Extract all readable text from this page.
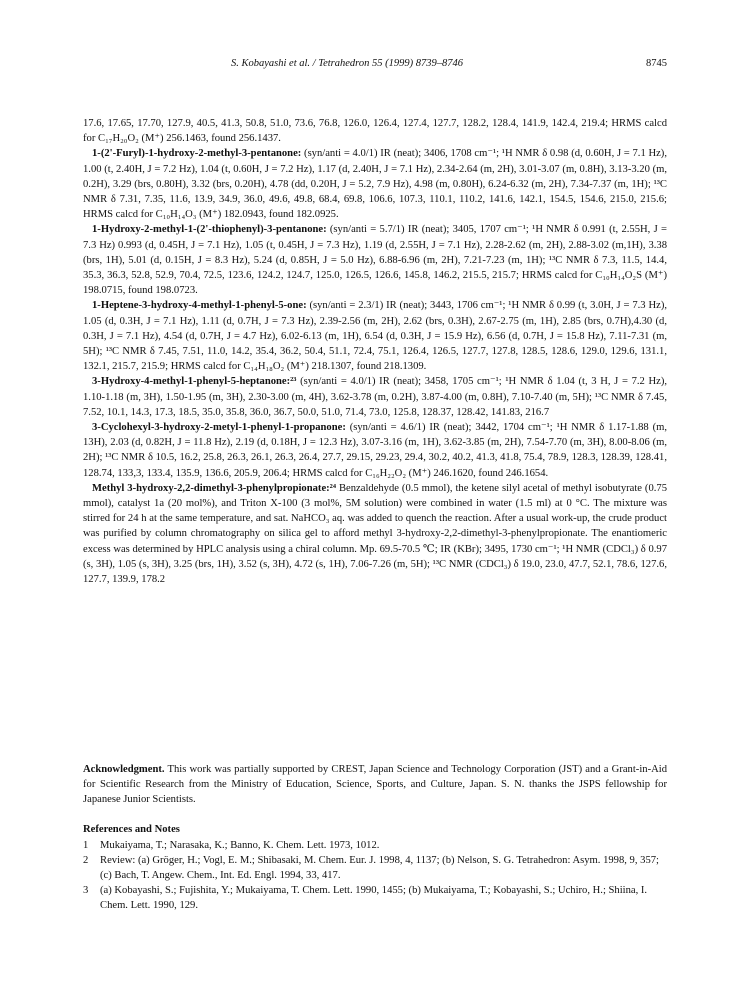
S. Kobayashi et al. / Tetrahedron 55 (1999) 8739–8746	8745

17.6, 17.65, 17.70, 127.9, 40.5, 41.3, 50.8, 51.0, 73.6, 76.8, 126.0, 126.4, 127.4, 127.7, 128.2, 128.4, 141.9, 142.4, 219.4; HRMS calcd for C₁₇H₂₀O₂ (M⁺) 256.1463, found 256.1437.

1-(2'-Furyl)-1-hydroxy-2-methyl-3-pentanone: (syn/anti = 4.0/1) IR (neat); 3406, 1708 cm⁻¹; ¹H NMR δ 0.98 (d, 0.60H, J = 7.1 Hz), 1.00 (t, 2.40H, J = 7.2 Hz), 1.04 (t, 0.60H, J = 7.2 Hz), 1.17 (d, 2.40H, J = 7.1 Hz), 2.34-2.64 (m, 2H), 3.01-3.07 (m, 0.8H), 3.13-3.20 (m, 0.2H), 3.29 (brs, 0.80H), 3.32 (brs, 0.20H), 4.78 (dd, 0.20H, J = 5.2, 7.9 Hz), 4.98 (m, 0.80H), 6.24-6.32 (m, 2H), 7.34-7.37 (m, 1H); ¹³C NMR δ 7.31, 7.35, 11.6, 13.9, 34.9, 36.0, 49.6, 49.8, 68.4, 69.8, 106.6, 107.3, 110.1, 110.2, 141.6, 142.1, 154.5, 154.6, 215.0, 215.6; HRMS calcd for C₁₀H₁₄O₃ (M⁺) 182.0943, found 182.0925.

1-Hydroxy-2-methyl-1-(2'-thiophenyl)-3-pentanone: (syn/anti = 5.7/1) IR (neat); 3405, 1707 cm⁻¹; ¹H NMR δ 0.991 (t, 2.55H, J = 7.3 Hz) 0.993 (d, 0.45H, J = 7.1 Hz), 1.05 (t, 0.45H, J = 7.3 Hz), 1.19 (d, 2.55H, J = 7.1 Hz), 2.28-2.62 (m, 2H), 2.88-3.02 (m,1H), 3.38 (brs, 1H), 5.01 (d, 0.15H, J = 8.3 Hz), 5.24 (d, 0.85H, J = 5.0 Hz), 6.88-6.96 (m, 2H), 7.21-7.23 (m, 1H); ¹³C NMR δ 7.3, 11.5, 14.4, 35.3, 36.3, 52.8, 52.9, 70.4, 72.5, 123.6, 124.2, 124.7, 125.0, 126.5, 126.6, 145.8, 146.2, 215.5, 215.7; HRMS calcd for C₁₀H₁₄O₂S (M⁺) 198.0715, found 198.0723.

1-Heptene-3-hydroxy-4-methyl-1-phenyl-5-one: (syn/anti = 2.3/1) IR (neat); 3443, 1706 cm⁻¹; ¹H NMR δ 0.99 (t, 3.0H, J = 7.3 Hz), 1.05 (d, 0.3H, J = 7.1 Hz), 1.11 (d, 0.7H, J = 7.3 Hz), 2.39-2.56 (m, 2H), 2.62 (brs, 0.3H), 2.67-2.75 (m, 1H), 2.85 (brs, 0.7H),4.30 (d, 0.3H, J = 7.1 Hz), 4.54 (d, 0.7H, J = 4.7 Hz), 6.02-6.13 (m, 1H), 6.54 (d, 0.3H, J = 15.9 Hz), 6.56 (d, 0.7H, J = 15.8 Hz), 7.11-7.31 (m, 5H); ¹³C NMR δ 7.45, 7.51, 11.0, 14.2, 35.4, 36.2, 50.4, 51.1, 72.4, 75.1, 126.4, 126.5, 127.7, 127.8, 128.5, 128.6, 129.0, 129.6, 131.1, 132.1, 215.7, 215.9; HRMS calcd for C₁₄H₁₈O₂ (M⁺) 218.1307, found 218.1309.

3-Hydroxy-4-methyl-1-phenyl-5-heptanone:²³ (syn/anti = 4.0/1) IR (neat); 3458, 1705 cm⁻¹; ¹H NMR δ 1.04 (t, 3 H, J = 7.2 Hz), 1.10-1.18 (m, 3H), 1.50-1.95 (m, 3H), 2.30-3.00 (m, 4H), 3.62-3.78 (m, 0.2H), 3.87-4.00 (m, 0.8H), 7.10-7.40 (m, 5H); ¹³C NMR δ 7.45, 7.52, 10.1, 14.3, 17.3, 18.5, 35.0, 35.8, 36.0, 36.7, 50.0, 51.0, 71.4, 73.0, 125.8, 128.37, 128.42, 141.83, 216.7

3-Cyclohexyl-3-hydroxy-2-metyl-1-phenyl-1-propanone: (syn/anti = 4.6/1) IR (neat); 3442, 1704 cm⁻¹; ¹H NMR δ 1.17-1.88 (m, 13H), 2.03 (d, 0.82H, J = 11.8 Hz), 2.19 (d, 0.18H, J = 12.3 Hz), 3.07-3.16 (m, 1H), 3.62-3.85 (m, 2H), 7.54-7.70 (m, 3H), 8.00-8.06 (m, 2H); ¹³C NMR δ 10.5, 16.2, 25.8, 26.3, 26.1, 26.3, 26.4, 27.7, 29.15, 29.23, 29.4, 30.2, 40.2, 41.3, 41.8, 75.4, 78.9, 128.3, 128.39, 128.41, 128.74, 133,3, 133.4, 135.9, 136.6, 205.9, 206.4; HRMS calcd for C₁₆H₂₂O₂ (M⁺) 246.1620, found 246.1654.

Methyl 3-hydroxy-2,2-dimethyl-3-phenylpropionate:²⁴ Benzaldehyde (0.5 mmol), the ketene silyl acetal of methyl isobutyrate (0.75 mmol), catalyst 1a (20 mol%), and Triton X-100 (3 mol%, 5M solution) were combined in water (1.5 ml) at 0 °C. The mixture was stirred for 24 h at the same temperature, and sat. NaHCO₃ aq. was added to quench the reaction. After a usual work-up, the crude product was purified by column chromatography on silica gel to afford methyl 3-hydroxy-2,2-dimethyl-3-phenylpropionate. The enantiomeric excess was determined by HPLC analysis using a chiral column. Mp. 69.5-70.5 ℃; IR (KBr); 3495, 1730 cm⁻¹; ¹H NMR (CDCl₃) δ 0.97 (s, 3H), 1.05 (s, 3H), 3.25 (brs, 1H), 3.52 (s, 3H), 4.72 (s, 1H), 7.06-7.26 (m, 5H); ¹³C NMR (CDCl₃) δ 19.0, 23.0, 47.7, 52.1, 78.6, 127.6, 127.7, 139.9, 178.2

Acknowledgment. This work was partially supported by CREST, Japan Science and Technology Corporation (JST) and a Grant-in-Aid for Scientific Research from the Ministry of Education, Science, Sports, and Culture, Japan. S. N. thanks the JSPS fellowship for Japanese Junior Scientists.
References and Notes
1 Mukaiyama, T.; Narasaka, K.; Banno, K. Chem. Lett. 1973, 1012.
2 Review: (a) Gröger, H.; Vogl, E. M.; Shibasaki, M. Chem. Eur. J. 1998, 4, 1137; (b) Nelson, S. G. Tetrahedron: Asym. 1998, 9, 357; (c) Bach, T. Angew. Chem., Int. Ed. Engl. 1994, 33, 417.
3 (a) Kobayashi, S.; Fujishita, Y.; Mukaiyama, T. Chem. Lett. 1990, 1455; (b) Mukaiyama, T.; Kobayashi, S.; Uchiro, H.; Shiina, I. Chem. Lett. 1990, 129.
